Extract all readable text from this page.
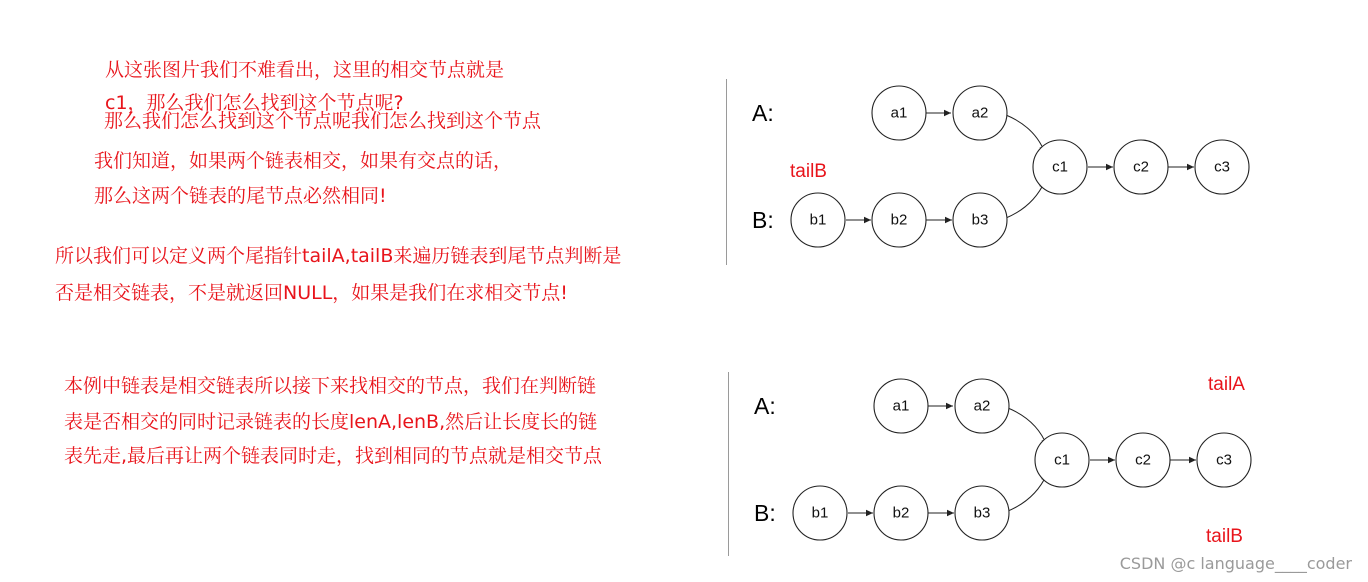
从这张图片我们不难看出，这里的相交节点就是
c1，那么我们怎么找到这个节点呢?
那么我们怎么找到这个节点呢我们怎么找到这个节点
我们知道，如果两个链表相交，如果有交点的话，
那么这两个链表的尾节点必然相同!
所以我们可以定义两个尾指针tailA,tailB来遍历链表到尾节点判断是
否是相交链表，不是就返回NULL，如果是我们在求相交节点!
本例中链表是相交链表所以接下来找相交的节点，我们在判断链
表是否相交的同时记录链表的长度lenA,lenB,然后让长度长的链
表先走,最后再让两个链表同时走，找到相同的节点就是相交节点
A:
B:
tailB
a1	a2
b1	b2	b3
c1	c2	c3
A:
B:
tailA
tailB
a1	a2
b1	b2	b3
c1	c2	c3
CSDN @c language____coder
